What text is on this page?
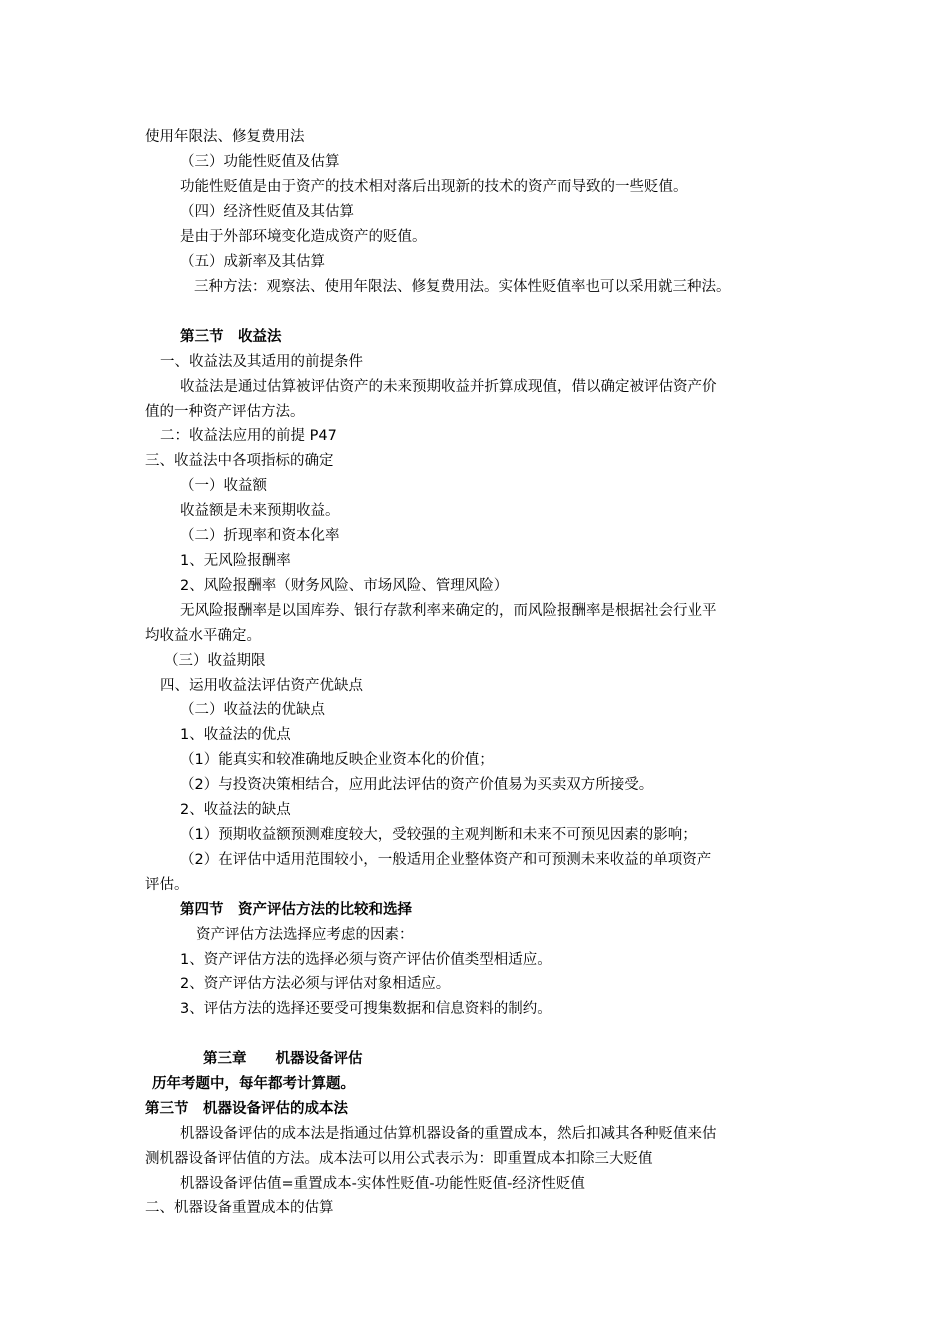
使用年限法、修复费用法
（三）功能性贬值及估算
功能性贬值是由于资产的技术相对落后出现新的技术的资产而导致的一些贬值。
（四）经济性贬值及其估算
是由于外部环境变化造成资产的贬值。
（五）成新率及其估算
三种方法：观察法、使用年限法、修复费用法。实体性贬值率也可以采用就三种法。
第三节　收益法
一、收益法及其适用的前提条件
收益法是通过估算被评估资产的未来预期收益并折算成现值，借以确定被评估资产价
值的一种资产评估方法。
二：收益法应用的前提 P47
三、收益法中各项指标的确定
（一）收益额
收益额是未来预期收益。
（二）折现率和资本化率
1、无风险报酬率
2、风险报酬率（财务风险、市场风险、管理风险）
无风险报酬率是以国库券、银行存款利率来确定的，而风险报酬率是根据社会行业平
均收益水平确定。
（三）收益期限
四、运用收益法评估资产优缺点
（二）收益法的优缺点
1、收益法的优点
（1）能真实和较准确地反映企业资本化的价值；
（2）与投资决策相结合，应用此法评估的资产价值易为买卖双方所接受。
2、收益法的缺点
（1）预期收益额预测难度较大，受较强的主观判断和未来不可预见因素的影响；
（2）在评估中适用范围较小，一般适用企业整体资产和可预测未来收益的单项资产
评估。
第四节　资产评估方法的比较和选择
资产评估方法选择应考虑的因素：
1、资产评估方法的选择必须与资产评估价值类型相适应。
2、资产评估方法必须与评估对象相适应。
3、评估方法的选择还要受可搜集数据和信息资料的制约。
第三章　　机器设备评估
历年考题中，每年都考计算题。
第三节　机器设备评估的成本法
机器设备评估的成本法是指通过估算机器设备的重置成本，然后扣减其各种贬值来估
测机器设备评估值的方法。成本法可以用公式表示为：即重置成本扣除三大贬值
机器设备评估值=重置成本-实体性贬值-功能性贬值-经济性贬值
二、机器设备重置成本的估算
